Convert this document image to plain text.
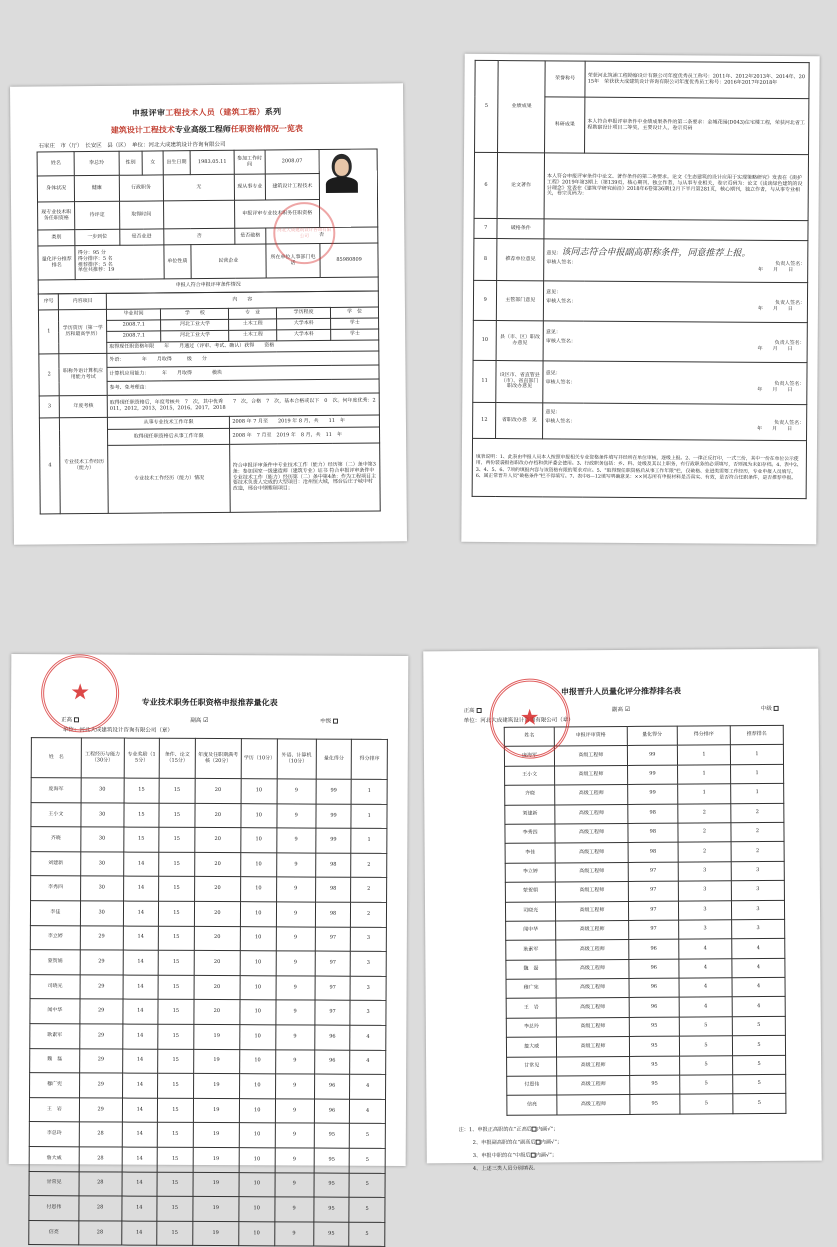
申报评审工程技术人员（建筑工程）系列
建筑设计工程技术专业高级工程师任职资格情况一览表
石家庄　市（厅）　长安区　县（区）　单位：河北大成建筑设计咨询有限公司
姓名	李总玲	性别	女	出生日期	1983.05.11	参加工作时间	2008.07	

身体状况	健康	行政职务		无		现从事专业	建筑设计工程技术	
现专业技术职务任职资格	待评定	取得时间				申报评审专业技术职务任职资格		
类别	一步到位	是否业进		否		是否破格	否	
量化评分推荐排名	得分：95 分
得分排序：5 名
推荐排序：5 名
单位共推荐：19			单位性质	民营企业		所在单位人事部门电话	85980809
申报人符合申报评审条件情况								
序号	内容项目	内　　容				
1	学历资历（第一学历和最高学历）	毕业时间	学　　校	专　业	学历程度	学　位
		2008.7.1	河北工业大学	土木工程	大学本科	学士
		2008.7.1	河北工业大学	土木工程	大学本科	学士
		取得现任职资格年限　　年　　月通过（评审、考试、确认）获得　　资格				
2	职称外语计算机应用能力考试	外语：　　　　年　　月取得　　　级　　分				
		计算机应用能力：　　　年　　月取得　　　　模块				
		参考、免考理由：				
3	年度考核	取得现任职资格后，年度考核共　7　次，其中优秀　　7　次，合格　7　次，基本合格或以下　0　次。何年度优秀：2011，2012，2013，2015，2016，2017，2018				
4	专业技术工作经历（能力）	从事专业技术工作年限		2008 年 7 月至　　2019 年 8 月，共　　11　年		
		取得现任职资格后从事工作年限		2008 年　7 月至　2019 年　8 月，共　11　年		
		专业技术工作经历（能力）情况		符合申报评审条件中专业技术工作（能力）经历第（二）条中第3条：参加国家一级建造师（建筑专业）证书 符合申报评审条件中专业技术工作（能力）经历第（二）条中第4条：作为工程项目主要技术负责人完成的大型项目：沧州恒大城，邢台后庄子城中村改造，邢台中钢紫瑞项目；		
河北大成建筑设计咨询有限公司
5	业绩成果	荣誉称号	荣获河北筑浦工程勘察设计有限公司年度优秀员工称号：2011年、2012年2013年、2014年、2015年　荣获获大成建筑设计咨询有限公司年度优秀员工称号：2016年2017年2018年
		科研成果	本人符合申报评审条件中业绩成果条件的第二条要求：金城花园(D043)住宅楼工程，荣获河北省工程勘察设计项目二等奖，主要设计人，卷宗页码
6	论文著作	本人符合申报评审条件中论文、著作条件的第二条要求。论文《生态建筑的设计应用于实现策略研究》发表在《街护工程》2019年第3期上（第139页，核心期刊，独立作者，与从事专业相关，卷宗页码为：论文《浅谈绿色建筑的设计理念》发表在《建筑学研究前沿》2018年6卷第36期12月下半月第281页，核心期刊，独立作者，与从事专业相关，卷宗页码为：	
7	破格条件		
8	推荐单位意见	意见：该同志符合申报副高职称条件，同意推荐上报。
审核人签名： 负责人签名：
年　　月　　日	

9	主管部门意见	意见：
审核人签名： 负责人签名：
年　　月　　日	

10	县（市、区）职改办意见	意见：
审核人签名： 负责人签名：
年　　月　　日	

11	设区市、省直管县（市）、省直部门职改办意见	意见：
审核人签名： 负责人签名：
年　　月　　日	

12	省职改办意　见	意见：
审核人签名： 负责人签名：
年　　月　　日	

填表说明：1、此表由申报人员本人按照申报相关专业资格条件填写并经所在单位审核，逐级上报。2、一律正反打印，一式三份，其中一份在单位公示使用，两份装袋报省职改办存档和供评委会使用。3、行政职务包括：乡、科、处级及其以上职务，有行政职务的必须填写，否则视为未如存档。4、表中2、3、4、5、6、7项的填报内容与该资格有限的要求对应。5、"取得现任职资格后从事工作年限"栏，仅破格、业进类需要工作经历，专业申报人员填写。6、属正常晋升人员"破格条件"栏不得填写。7、表中8—12填写明确意见：××同志所有申报材料是否真实、有效，是否符合任职条件，是否推荐申报。			
专业技术职务任职资格申报推荐量化表
正高	副高 ☑	中级
单位：河北大成建筑设计咨询有限公司（章）
姓　名	工程经历与能力（30分）	专业奖励（15分）	条件、论文（15分）	年度及任职期满考核（20分）	学历（10分）	外语、计算机（10分）	量化得分	得分排序
庞海军	30	15	15	20	10	9	99	1
王小文	30	15	15	20	10	9	99	1
齐晓	30	15	15	20	10	9	99	1
刘建新	30	14	15	20	10	9	98	2
李秀四	30	14	15	20	10	9	98	2
李佳	30	14	15	20	10	9	98	2
李立婷	29	14	15	20	10	9	97	3
蒙贺娟	29	14	15	20	10	9	97	3
司晓光	29	14	15	20	10	9	97	3
闻中华	29	14	15	20	10	9	97	3
耿素军	29	14	15	19	10	9	96	4
魏　磊	29	14	15	19	10	9	96	4
穆广宪	29	14	15	19	10	9	96	4
王　岩	29	14	15	19	10	9	96	4
李总玲	28	14	15	19	10	9	95	5
詹大威	28	14	15	19	10	9	95	5
甘常见	28	14	15	19	10	9	95	5
付恩伟	28	14	15	19	10	9	95	5
信亮	28	14	15	19	10	9	95	5
★	申报晋升人员量化评分推荐排名表
正高	副高 ☑	中级
单位：河北大成建筑设计咨询有限公司（章）
姓名	申报评审资格	量化得分	得分排序	推荐排名
庞海军	高级工程师	99	1	1
王小文	高级工程师	99	1	1
齐晓	高级工程师	99	1	1
刘建新	高级工程师	98	2	2
李秀四	高级工程师	98	2	2
李佳	高级工程师	98	2	2
李立婷	高级工程师	97	3	3
蒙贺娟	高级工程师	97	3	3
司晓光	高级工程师	97	3	3
闻中华	高级工程师	97	3	3
耿素军	高级工程师	96	4	4
魏　磊	高级工程师	96	4	4
穆广宪	高级工程师	96	4	4
王　岩	高级工程师	96	4	4
李总玲	高级工程师	95	5	5
詹大威	高级工程师	95	5	5
甘常见	高级工程师	95	5	5
付恩伟	高级工程师	95	5	5
信亮	高级工程师	95	5	5
注：1、申报正高职的在“正高后 内画√”；
2、申报副高职的在“副高后 内画√”；
3、申报中职的在“中级后 内画√”；
4、上述三类人员分别填表。
★
